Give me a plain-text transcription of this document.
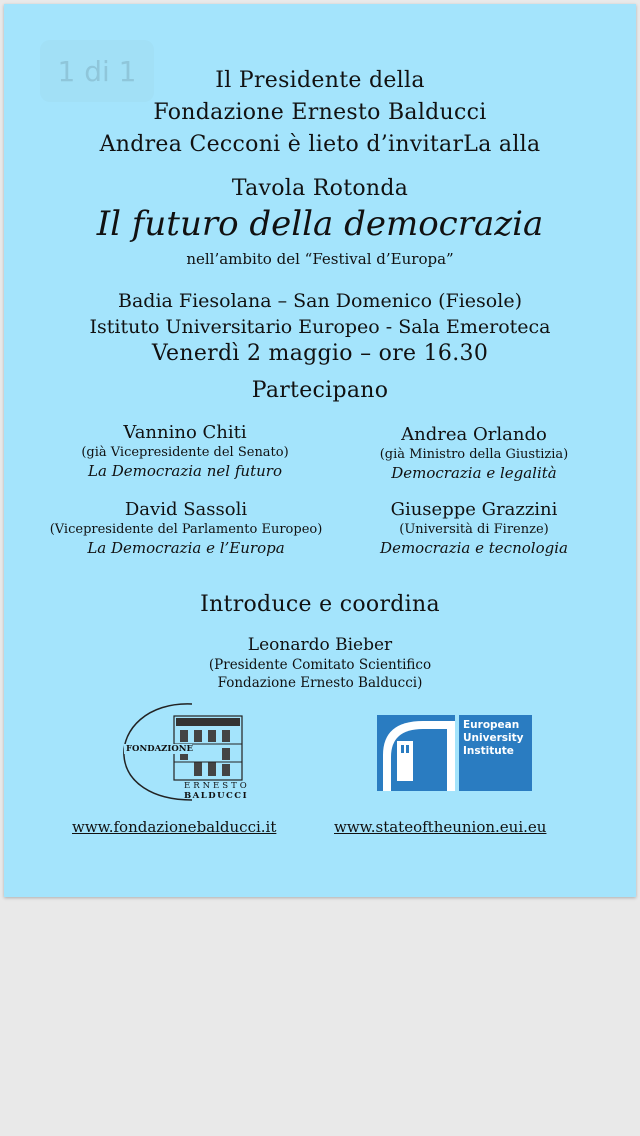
1 di 1	Il Presidente della
Fondazione Ernesto Balducci
Andrea Cecconi è lieto d’invitarLa alla
Tavola Rotonda
Il futuro della democrazia
nell’ambito del “Festival d’Europa”
Badia Fiesolana – San Domenico (Fiesole)
Istituto Universitario Europeo - Sala Emeroteca
Venerdì 2 maggio – ore 16.30
Partecipano
Vannino Chiti
(già Vicepresidente del Senato)
La Democrazia nel futuro
Andrea Orlando
(già Ministro della Giustizia)
Democrazia e legalità
David Sassoli
(Vicepresidente del Parlamento Europeo)
La Democrazia e l’Europa
Giuseppe Grazzini
(Università di Firenze)
Democrazia e tecnologia
Introduce e coordina
Leonardo Bieber
(Presidente Comitato Scientifico
Fondazione Ernesto Balducci)
FONDAZIONE
ERNESTO
BALDUCCI
European
University
Institute
www.fondazionebalducci.it	www.stateoftheunion.eui.eu
